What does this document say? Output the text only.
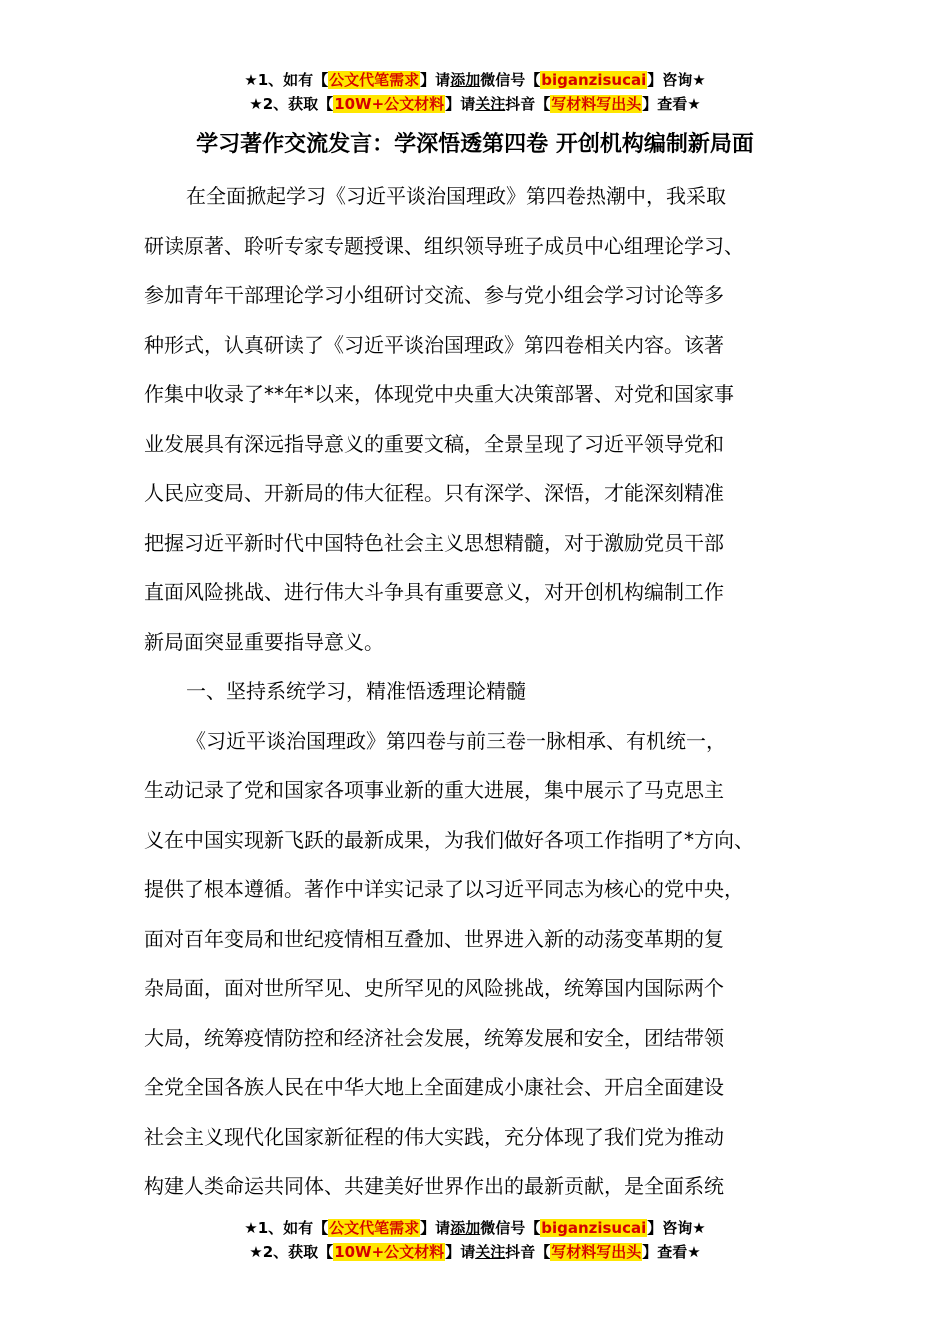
★1、如有【公文代笔需求】请添加微信号【biganzisucai】咨询★
★2、获取【10W+公文材料】请关注抖音【写材料写出头】查看★
学习著作交流发言：学深悟透第四卷 开创机构编制新局面
在全面掀起学习《习近平谈治国理政》第四卷热潮中，我采取
研读原著、聆听专家专题授课、组织领导班子成员中心组理论学习、
参加青年干部理论学习小组研讨交流、参与党小组会学习讨论等多
种形式，认真研读了《习近平谈治国理政》第四卷相关内容。该著
作集中收录了**年*以来，体现党中央重大决策部署、对党和国家事
业发展具有深远指导意义的重要文稿，全景呈现了习近平领导党和
人民应变局、开新局的伟大征程。只有深学、深悟，才能深刻精准
把握习近平新时代中国特色社会主义思想精髓，对于激励党员干部
直面风险挑战、进行伟大斗争具有重要意义，对开创机构编制工作
新局面突显重要指导意义。
一、坚持系统学习，精准悟透理论精髓
《习近平谈治国理政》第四卷与前三卷一脉相承、有机统一，
生动记录了党和国家各项事业新的重大进展，集中展示了马克思主
义在中国实现新飞跃的最新成果，为我们做好各项工作指明了*方向、
提供了根本遵循。著作中详实记录了以习近平同志为核心的党中央，
面对百年变局和世纪疫情相互叠加、世界进入新的动荡变革期的复
杂局面，面对世所罕见、史所罕见的风险挑战，统筹国内国际两个
大局，统筹疫情防控和经济社会发展，统筹发展和安全，团结带领
全党全国各族人民在中华大地上全面建成小康社会、开启全面建设
社会主义现代化国家新征程的伟大实践，充分体现了我们党为推动
构建人类命运共同体、共建美好世界作出的最新贡献，是全面系统
★1、如有【公文代笔需求】请添加微信号【biganzisucai】咨询★
★2、获取【10W+公文材料】请关注抖音【写材料写出头】查看★
